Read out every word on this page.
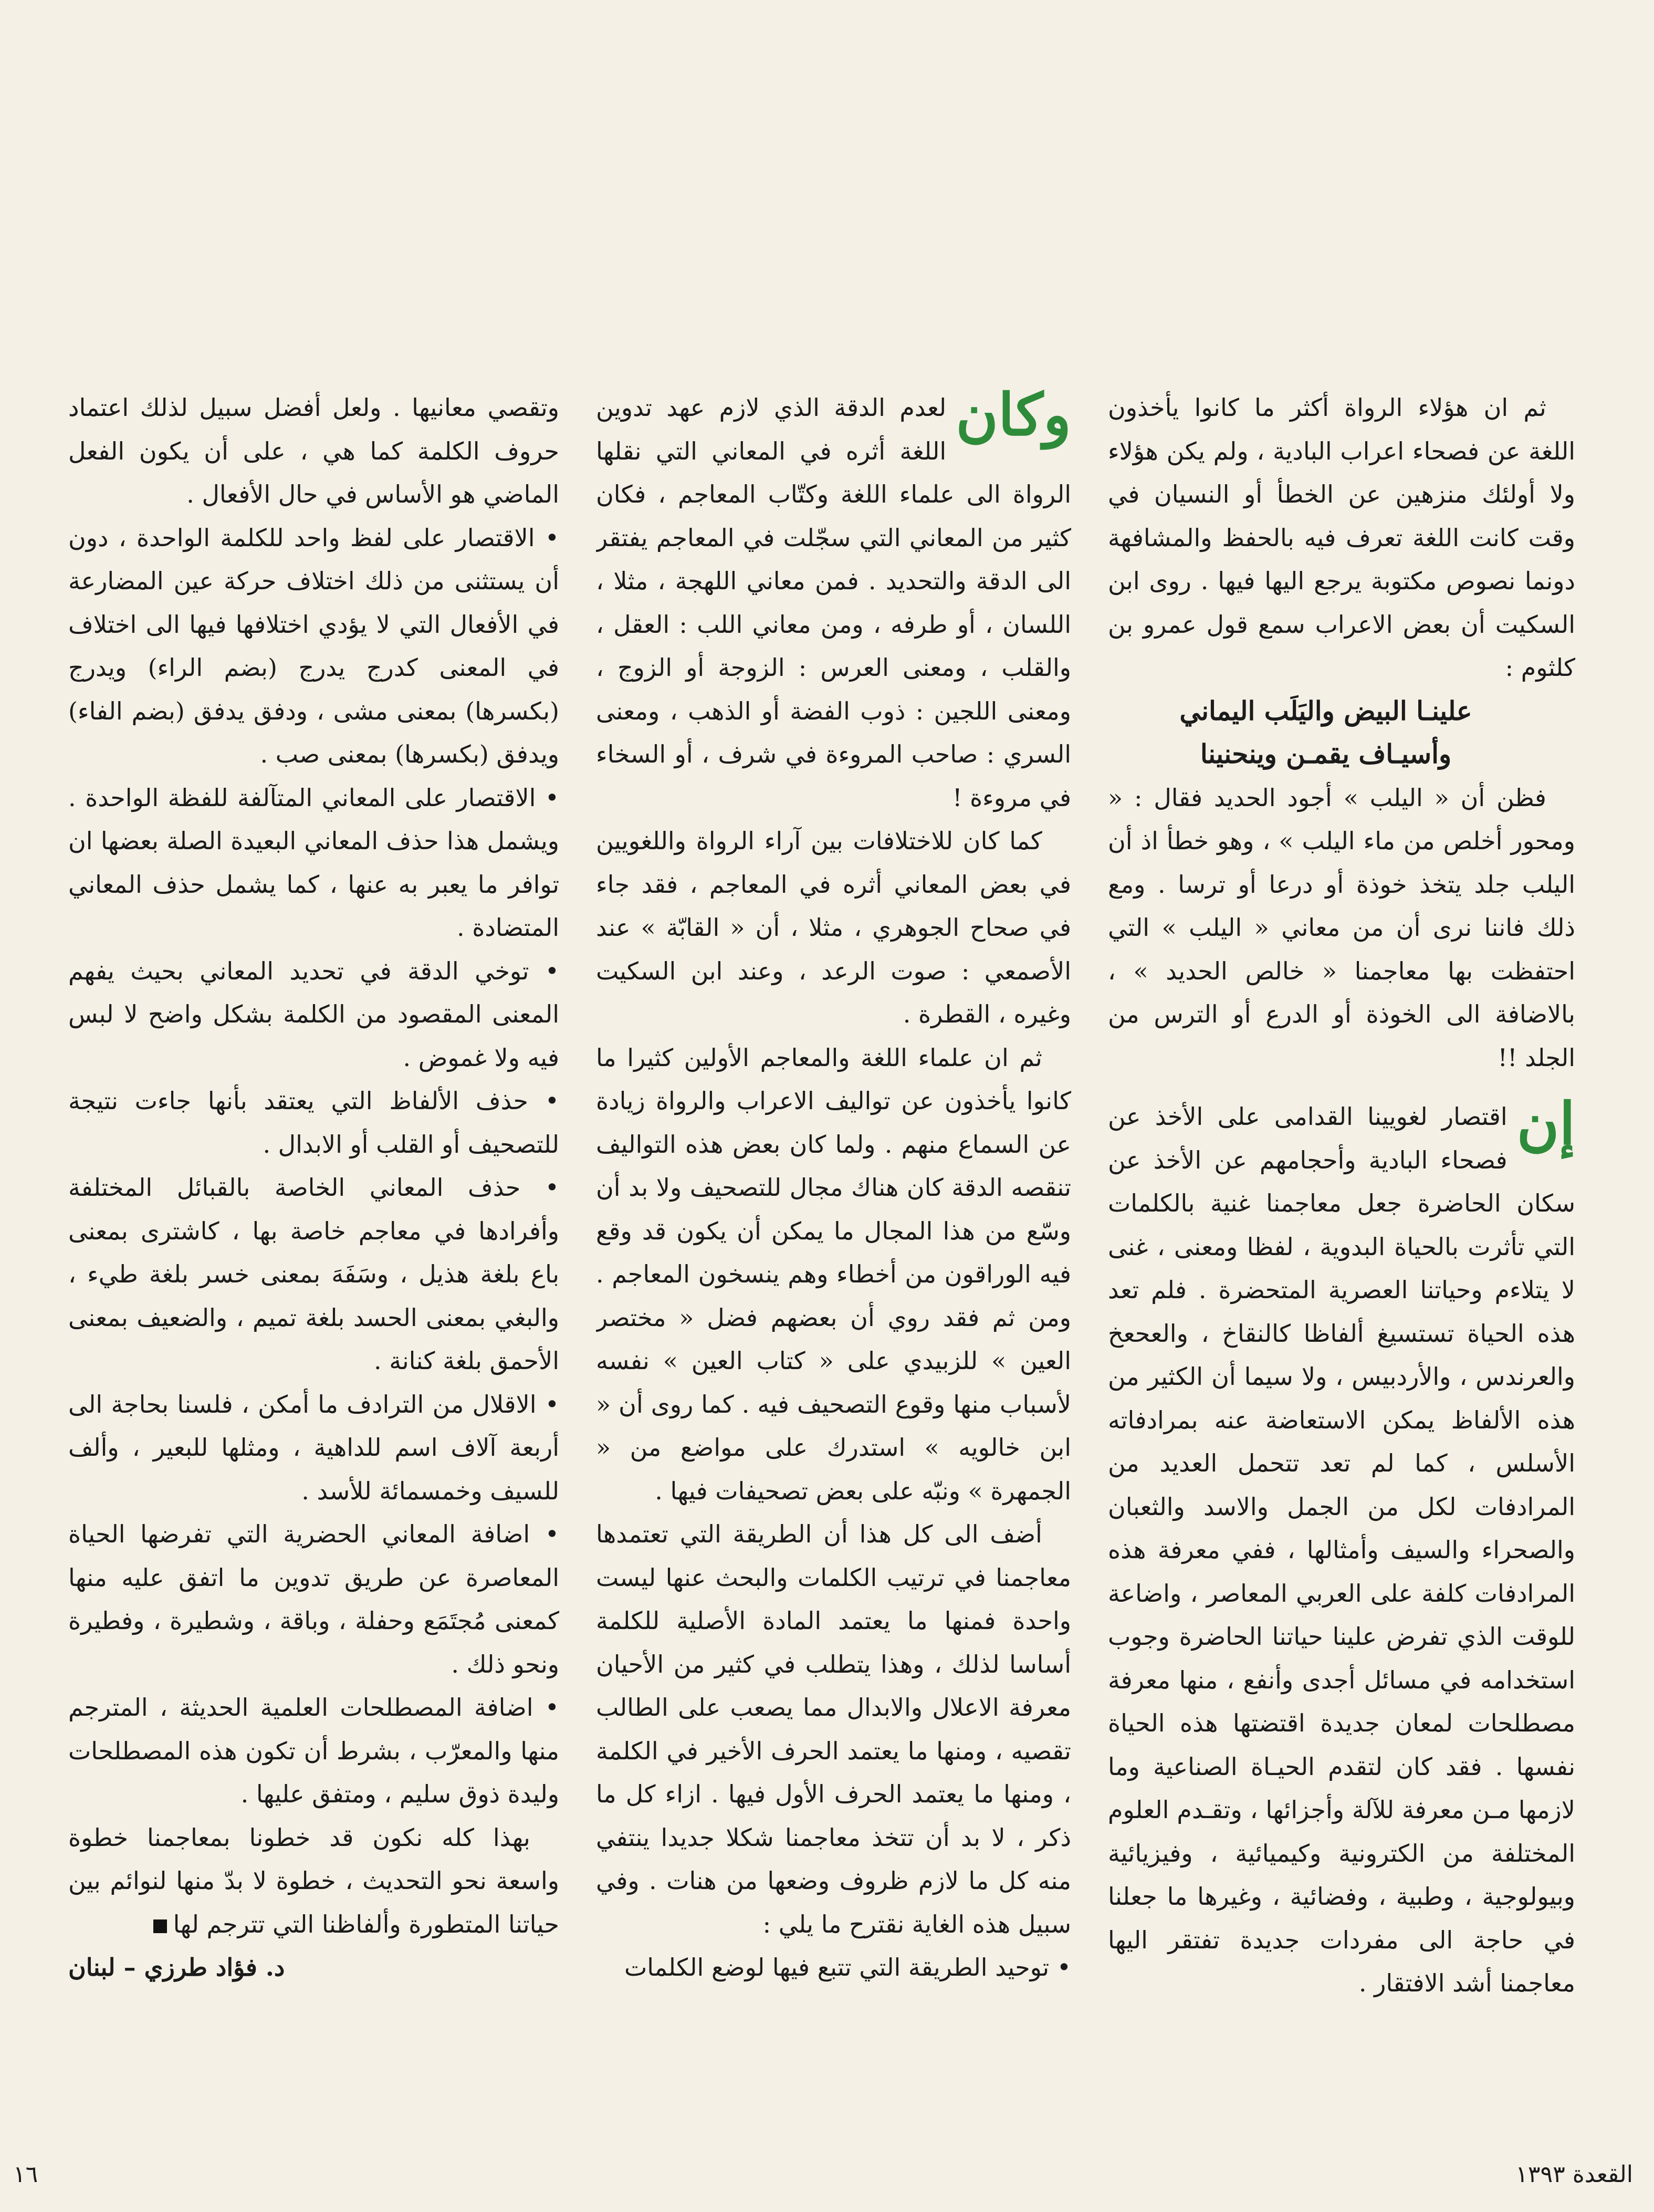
ثم ان هؤلاء الرواة أكثر ما كانوا يأخذون اللغة عن فصحاء اعراب البادية ، ولم يكن هؤلاء ولا أولئك منزهين عن الخطأ أو النسيان في وقت كانت اللغة تعرف فيه بالحفظ والمشافهة دونما نصوص مكتوبة يرجع اليها فيها . روى ابن السكيت أن بعض الاعراب سمع قول عمرو بن كلثوم :

علينـا البيض واليَلَب اليماني

وأسيـاف يقمـن وينحنينا

فظن أن « اليلب » أجود الحديد فقال : « ومحور أخلص من ماء اليلب » ، وهو خطأ اذ أن اليلب جلد يتخذ خوذة أو درعا أو ترسا . ومع ذلك فاننا نرى أن من معاني « اليلب » التي احتفظت بها معاجمنا « خالص الحديد » ، بالاضافة الى الخوذة أو الدرع أو الترس من الجلد !!

إن
اقتصار لغويينا القدامى على الأخذ عن فصحاء البادية وأحجامهم عن الأخذ عن سكان الحاضرة جعل معاجمنا غنية بالكلمات التي تأثرت بالحياة البدوية ، لفظا ومعنى ، غنى لا يتلاءم وحياتنا العصرية المتحضرة . فلم تعد هذه الحياة تستسيغ ألفاظا كالنقاخ ، والعحعخ والعرندس ، والأردبيس ، ولا سيما أن الكثير من هذه الألفاظ يمكن الاستعاضة عنه بمرادفاته الأسلس ، كما لم تعد تتحمل العديد من المرادفات لكل من الجمل والاسد والثعبان والصحراء والسيف وأمثالها ، ففي معرفة هذه المرادفات كلفة على العربي المعاصر ، واضاعة للوقت الذي تفرض علينا حياتنا الحاضرة وجوب استخدامه في مسائل أجدى وأنفع ، منها معرفة مصطلحات لمعان جديدة اقتضتها هذه الحياة نفسها . فقد كان لتقدم الحيـاة الصناعية وما لازمها مـن معرفة للآلة وأجزائها ، وتقـدم العلوم المختلفة من الكترونية وكيميائية ، وفيزيائية وبيولوجية ، وطبية ، وفضائية ، وغيرها ما جعلنا في حاجة الى مفردات جديدة تفتقر اليها معاجمنا أشد الافتقار .

وكان
لعدم الدقة الذي لازم عهد تدوين اللغة أثره في المعاني التي نقلها الرواة الى علماء اللغة وكتّاب المعاجم ، فكان كثير من المعاني التي سجّلت في المعاجم يفتقر الى الدقة والتحديد . فمن معاني اللهجة ، مثلا ، اللسان ، أو طرفه ، ومن معاني اللب : العقل ، والقلب ، ومعنى العرس : الزوجة أو الزوج ، ومعنى اللجين : ذوب الفضة أو الذهب ، ومعنى السري : صاحب المروءة في شرف ، أو السخاء في مروءة !

كما كان للاختلافات بين آراء الرواة واللغويين في بعض المعاني أثره في المعاجم ، فقد جاء في صحاح الجوهري ، مثلا ، أن « القابّة » عند الأصمعي : صوت الرعد ، وعند ابن السكيت وغيره ، القطرة .

ثم ان علماء اللغة والمعاجم الأولين كثيرا ما كانوا يأخذون عن تواليف الاعراب والرواة زيادة عن السماع منهم . ولما كان بعض هذه التواليف تنقصه الدقة كان هناك مجال للتصحيف ولا بد أن وسّع من هذا المجال ما يمكن أن يكون قد وقع فيه الوراقون من أخطاء وهم ينسخون المعاجم . ومن ثم فقد روي أن بعضهم فضل « مختصر العين » للزبيدي على « كتاب العين » نفسه لأسباب منها وقوع التصحيف فيه . كما روى أن « ابن خالويه » استدرك على مواضع من « الجمهرة » ونبّه على بعض تصحيفات فيها .

أضف الى كل هذا أن الطريقة التي تعتمدها معاجمنا في ترتيب الكلمات والبحث عنها ليست واحدة فمنها ما يعتمد المادة الأصلية للكلمة أساسا لذلك ، وهذا يتطلب في كثير من الأحيان معرفة الاعلال والابدال مما يصعب على الطالب تقصيه ، ومنها ما يعتمد الحرف الأخير في الكلمة ، ومنها ما يعتمد الحرف الأول فيها . ازاء كل ما ذكر ، لا بد أن تتخذ معاجمنا شكلا جديدا ينتفي منه كل ما لازم ظروف وضعها من هنات . وفي سبيل هذه الغاية نقترح ما يلي :

• توحيد الطريقة التي تتبع فيها لوضع الكلمات

وتقصي معانيها . ولعل أفضل سبيل لذلك اعتماد حروف الكلمة كما هي ، على أن يكون الفعل الماضي هو الأساس في حال الأفعال .

• الاقتصار على لفظ واحد للكلمة الواحدة ، دون أن يستثنى من ذلك اختلاف حركة عين المضارعة في الأفعال التي لا يؤدي اختلافها فيها الى اختلاف في المعنى كدرج يدرج (بضم الراء) ويدرج (بكسرها) بمعنى مشى ، ودفق يدفق (بضم الفاء) ويدفق (بكسرها) بمعنى صب .

• الاقتصار على المعاني المتآلفة للفظة الواحدة . ويشمل هذا حذف المعاني البعيدة الصلة بعضها ان توافر ما يعبر به عنها ، كما يشمل حذف المعاني المتضادة .

• توخي الدقة في تحديد المعاني بحيث يفهم المعنى المقصود من الكلمة بشكل واضح لا لبس فيه ولا غموض .

• حذف الألفاظ التي يعتقد بأنها جاءت نتيجة للتصحيف أو القلب أو الابدال .

• حذف المعاني الخاصة بالقبائل المختلفة وأفرادها في معاجم خاصة بها ، كاشترى بمعنى باع بلغة هذيل ، وسَفَهَ بمعنى خسر بلغة طيء ، والبغي بمعنى الحسد بلغة تميم ، والضعيف بمعنى الأحمق بلغة كنانة .

• الاقلال من الترادف ما أمكن ، فلسنا بحاجة الى أربعة آلاف اسم للداهية ، ومثلها للبعير ، وألف للسيف وخمسمائة للأسد .

• اضافة المعاني الحضرية التي تفرضها الحياة المعاصرة عن طريق تدوين ما اتفق عليه منها كمعنى مُجتَمَع وحفلة ، وباقة ، وشطيرة ، وفطيرة ونحو ذلك .

• اضافة المصطلحات العلمية الحديثة ، المترجم منها والمعرّب ، بشرط أن تكون هذه المصطلحات وليدة ذوق سليم ، ومتفق عليها .

بهذا كله نكون قد خطونا بمعاجمنا خطوة واسعة نحو التحديث ، خطوة لا بدّ منها لنوائم بين حياتنا المتطورة وألفاظنا التي تترجم لها

د. فؤاد طرزي – لبنان

١٦	القعدة ١٣٩٣
